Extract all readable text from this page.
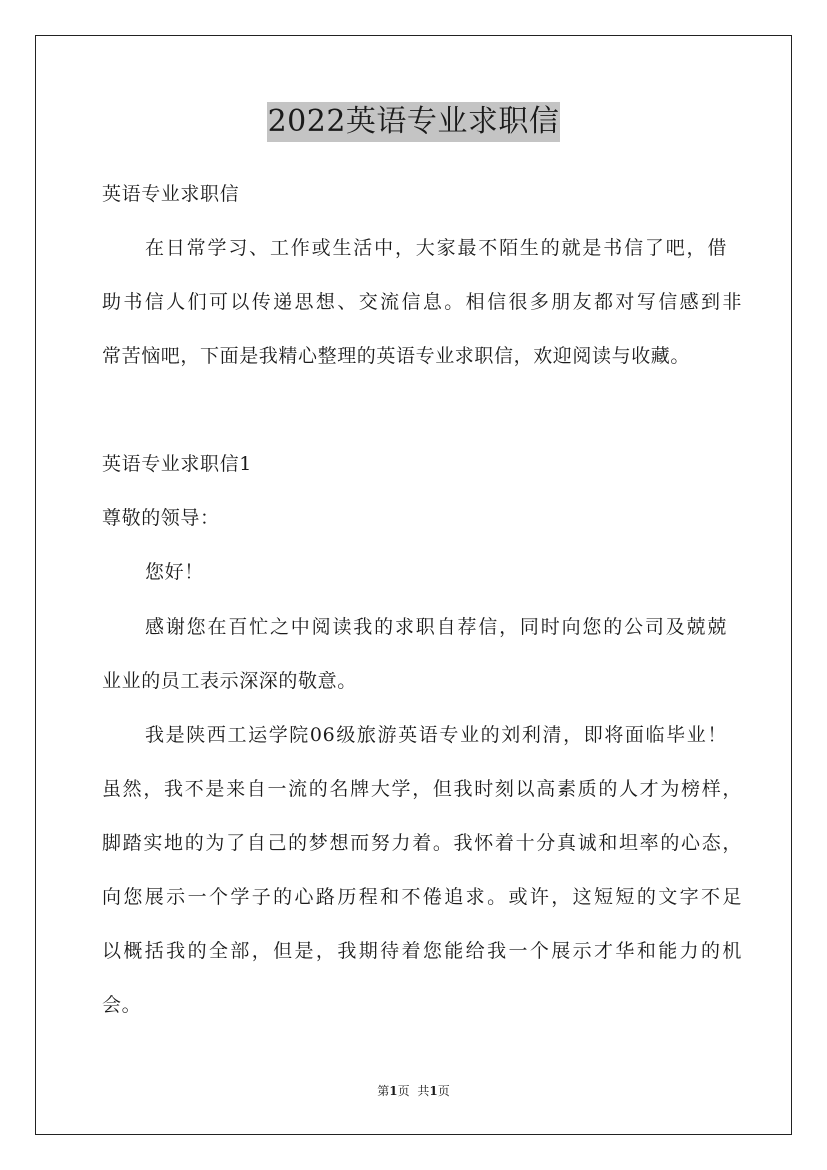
2022英语专业求职信
英语专业求职信
在日常学习、工作或生活中，大家最不陌生的就是书信了吧，借
助书信人们可以传递思想、交流信息。相信很多朋友都对写信感到非
常苦恼吧，下面是我精心整理的英语专业求职信，欢迎阅读与收藏。
英语专业求职信1
尊敬的领导：
您好！
感谢您在百忙之中阅读我的求职自荐信，同时向您的公司及兢兢
业业的员工表示深深的敬意。
我是陕西工运学院06级旅游英语专业的刘利清，即将面临毕业！
虽然，我不是来自一流的名牌大学，但我时刻以高素质的人才为榜样，
脚踏实地的为了自己的梦想而努力着。我怀着十分真诚和坦率的心态，
向您展示一个学子的心路历程和不倦追求。或许，这短短的文字不足
以概括我的全部，但是，我期待着您能给我一个展示才华和能力的机
会。
第1页 共1页
